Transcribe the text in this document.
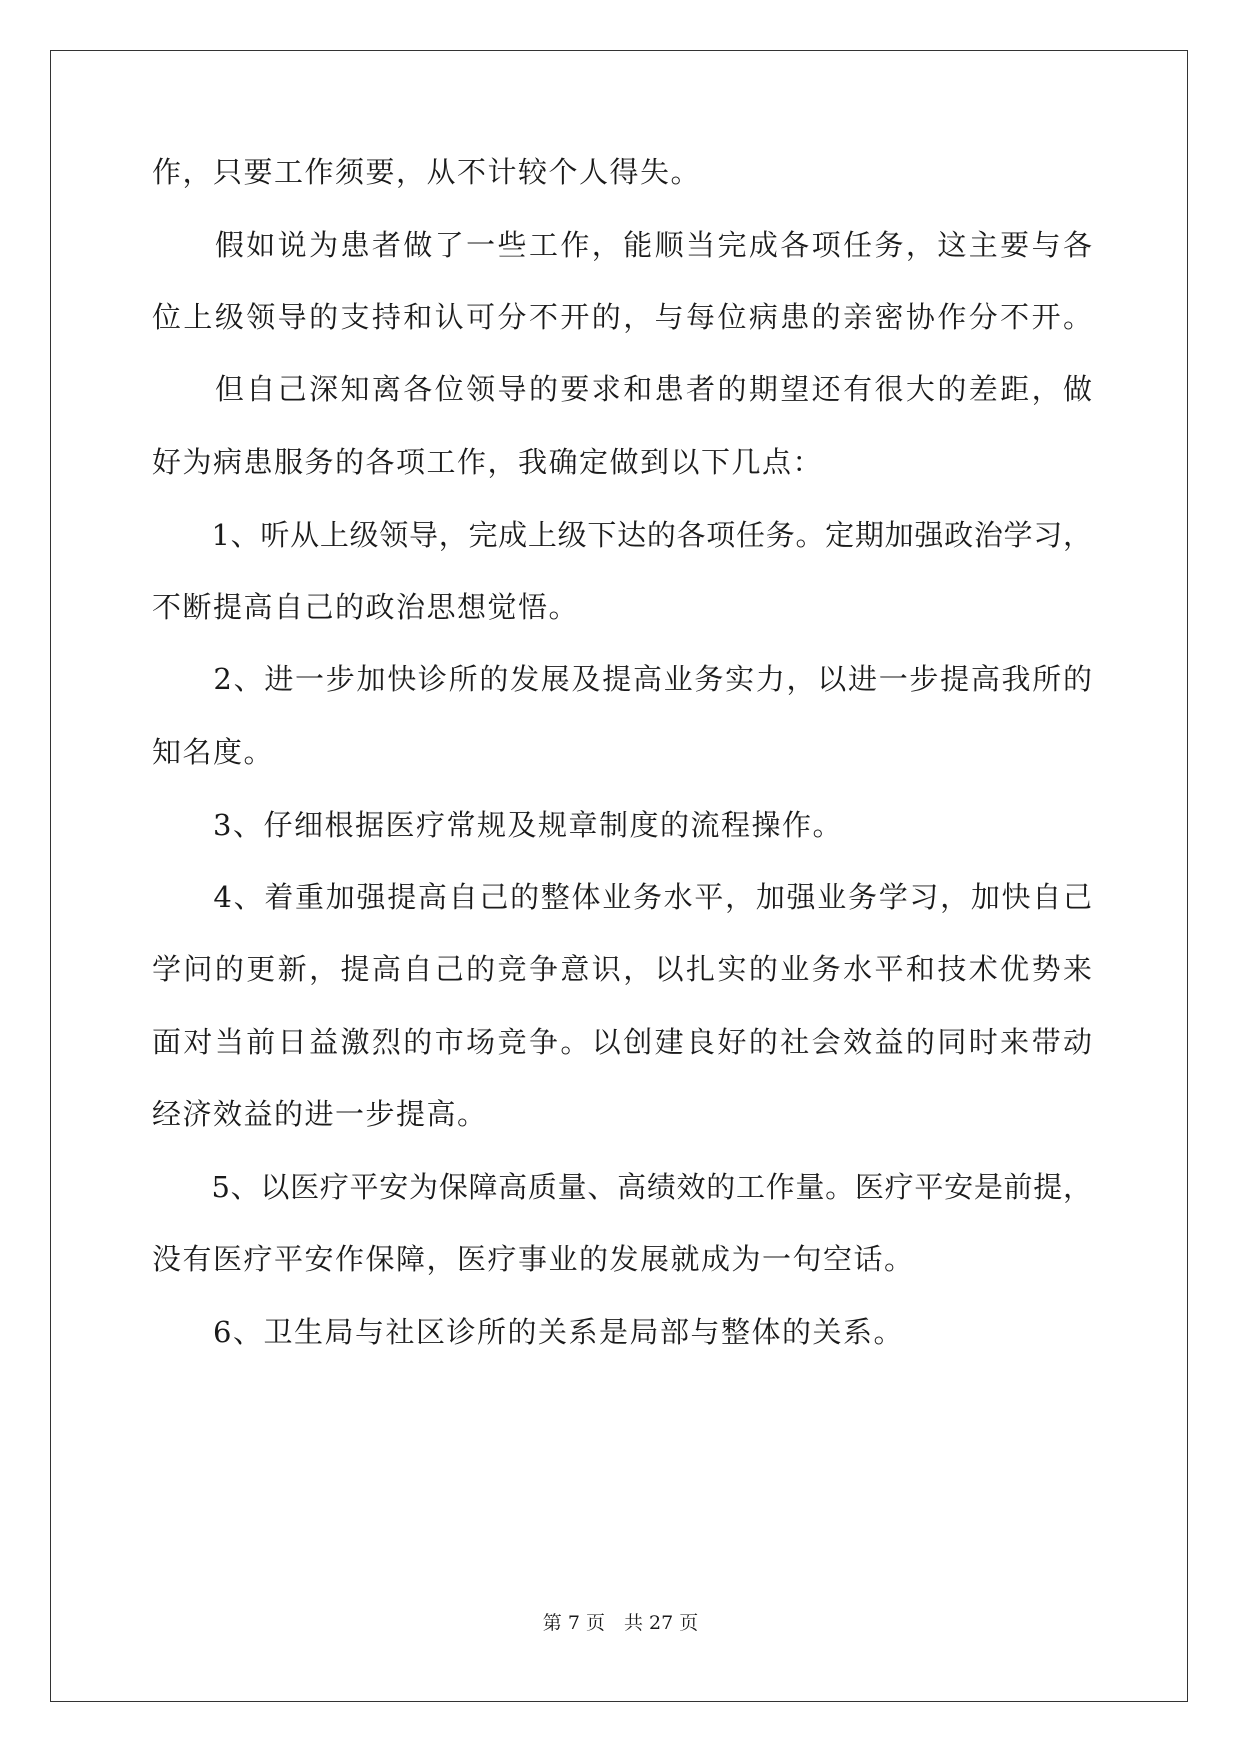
作，只要工作须要，从不计较个人得失。
　　假如说为患者做了一些工作，能顺当完成各项任务，这主要与各
位上级领导的支持和认可分不开的，与每位病患的亲密协作分不开。
　　但自己深知离各位领导的要求和患者的期望还有很大的差距，做
好为病患服务的各项工作，我确定做到以下几点：
　　1、听从上级领导，完成上级下达的各项任务。定期加强政治学习，
不断提高自己的政治思想觉悟。
　　2、进一步加快诊所的发展及提高业务实力，以进一步提高我所的
知名度。
　　3、仔细根据医疗常规及规章制度的流程操作。
　　4、着重加强提高自己的整体业务水平，加强业务学习，加快自己
学问的更新，提高自己的竞争意识，以扎实的业务水平和技术优势来
面对当前日益激烈的市场竞争。以创建良好的社会效益的同时来带动
经济效益的进一步提高。
　　5、以医疗平安为保障高质量、高绩效的工作量。医疗平安是前提，
没有医疗平安作保障，医疗事业的发展就成为一句空话。
　　6、卫生局与社区诊所的关系是局部与整体的关系。
第 7 页　共 27 页
